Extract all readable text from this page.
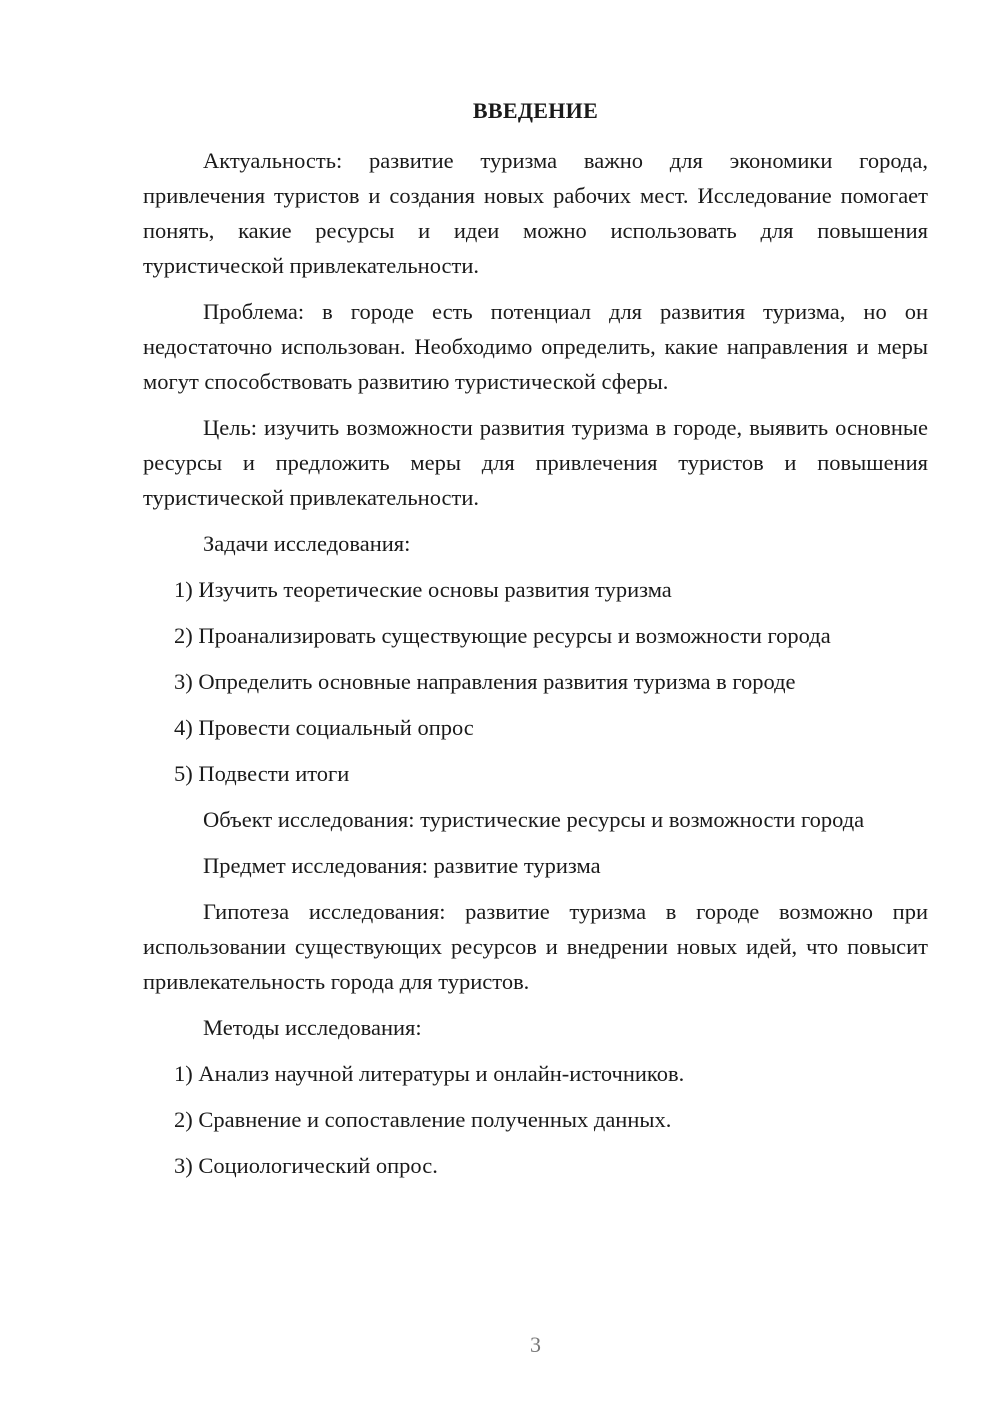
ВВЕДЕНИЕ

Актуальность: развитие туризма важно для экономики города, привлечения туристов и создания новых рабочих мест. Исследование помогает понять, какие ресурсы и идеи можно использовать для повышения туристической привлекательности.

Проблема: в городе есть потенциал для развития туризма, но он недостаточно использован. Необходимо определить, какие направления и меры могут способствовать развитию туристической сферы.

Цель: изучить возможности развития туризма в городе, выявить основные ресурсы и предложить меры для привлечения туристов и повышения туристической привлекательности.

Задачи исследования:

1) Изучить теоретические основы развития туризма

2) Проанализировать существующие ресурсы и возможности города

3) Определить основные направления развития туризма в городе

4) Провести социальный опрос

5) Подвести итоги

Объект исследования: туристические ресурсы и возможности города

Предмет исследования: развитие туризма

Гипотеза исследования: развитие туризма в городе возможно при использовании существующих ресурсов и внедрении новых идей, что повысит привлекательность города для туристов.

Методы исследования:

1) Анализ научной литературы и онлайн-источников.

2) Сравнение и сопоставление полученных данных.

3) Социологический опрос.

3
